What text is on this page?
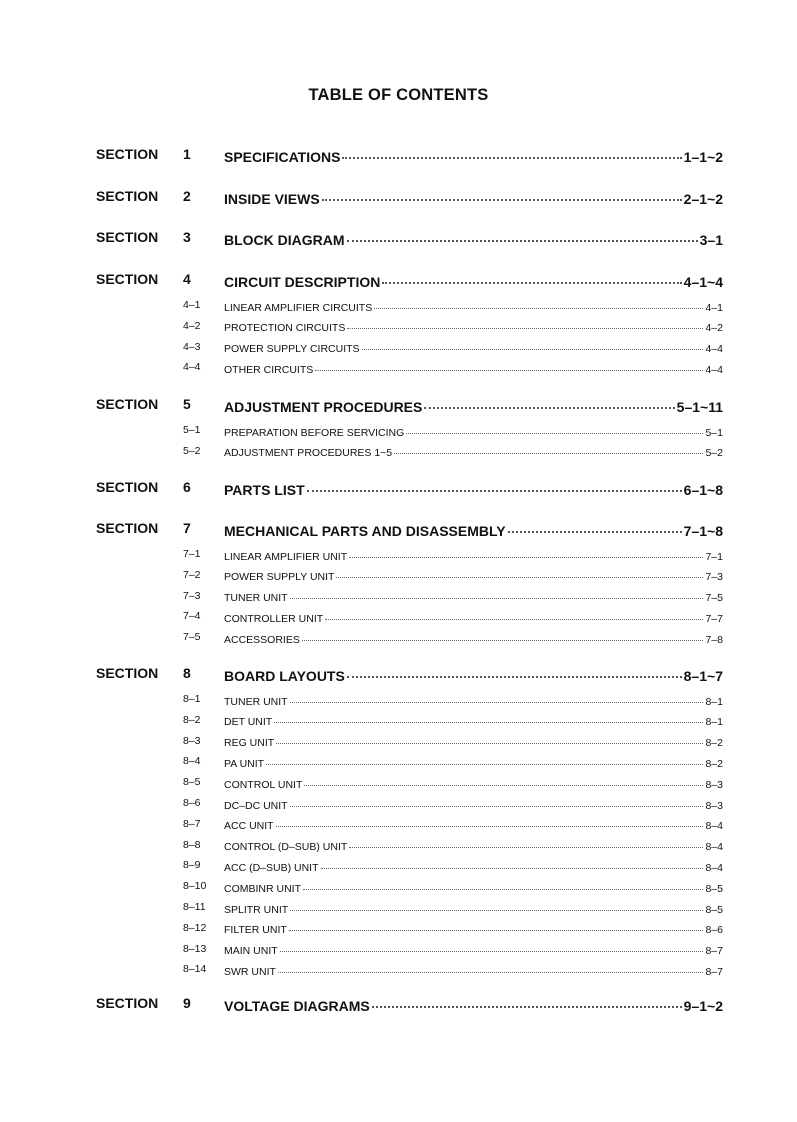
TABLE OF CONTENTS
SECTION 1 SPECIFICATIONS	1–1~2
SECTION 2 INSIDE VIEWS	2–1~2
SECTION 3 BLOCK DIAGRAM	3–1
SECTION 4 CIRCUIT DESCRIPTION	4–1~4
4–1 LINEAR AMPLIFIER CIRCUITS	4–1
4–2 PROTECTION CIRCUITS	4–2
4–3 POWER SUPPLY CIRCUITS	4–4
4–4 OTHER CIRCUITS	4–4
SECTION 5 ADJUSTMENT PROCEDURES	5–1~11
5–1 PREPARATION BEFORE SERVICING	5–1
5–2 ADJUSTMENT PROCEDURES 1~5	5–2
SECTION 6 PARTS LIST	6–1~8
SECTION 7 MECHANICAL PARTS AND DISASSEMBLY	7–1~8
7–1 LINEAR AMPLIFIER UNIT	7–1
7–2 POWER SUPPLY UNIT	7–3
7–3 TUNER UNIT	7–5
7–4 CONTROLLER UNIT	7–7
7–5 ACCESSORIES	7–8
SECTION 8 BOARD LAYOUTS	8–1~7
8–1 TUNER UNIT	8–1
8–2 DET UNIT	8–1
8–3 REG UNIT	8–2
8–4 PA UNIT	8–2
8–5 CONTROL UNIT	8–3
8–6 DC–DC UNIT	8–3
8–7 ACC UNIT	8–4
8–8 CONTROL (D–SUB) UNIT	8–4
8–9 ACC (D–SUB) UNIT	8–4
8–10 COMBINR UNIT	8–5
8–11 SPLITR UNIT	8–5
8–12 FILTER UNIT	8–6
8–13 MAIN UNIT	8–7
8–14 SWR UNIT	8–7
SECTION 9 VOLTAGE DIAGRAMS	9–1~2
